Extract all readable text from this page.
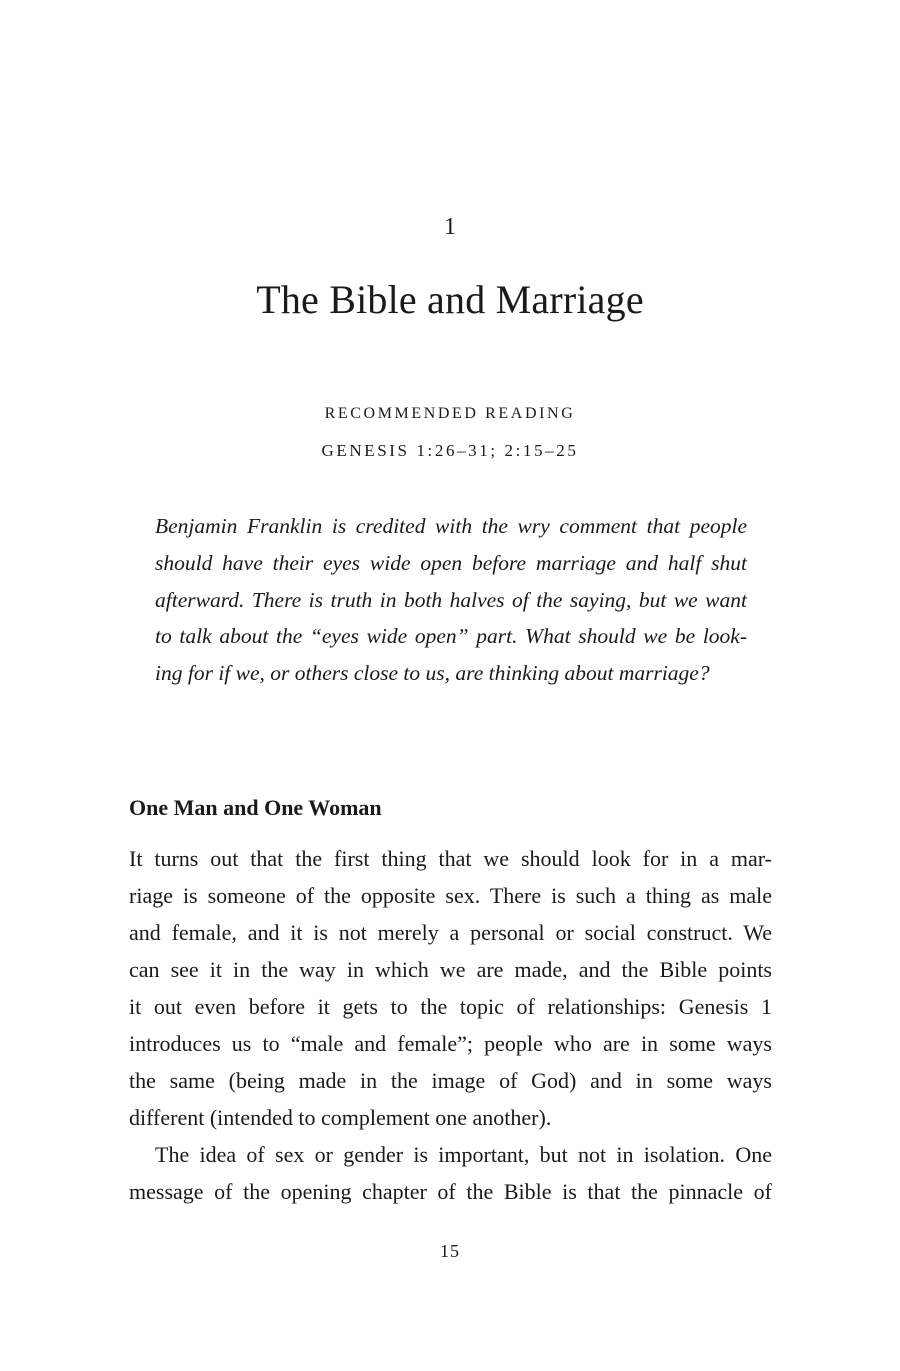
1
The Bible and Marriage
RECOMMENDED READING
GENESIS 1:26–31; 2:15–25

Benjamin Franklin is credited with the wry comment that people
should have their eyes wide open before marriage and half shut
afterward. There is truth in both halves of the saying, but we want
to talk about the “eyes wide open” part. What should we be look-
ing for if we, or others close to us, are thinking about marriage?

One Man and One Woman
It turns out that the first thing that we should look for in a mar-
riage is someone of the opposite sex. There is such a thing as male
and female, and it is not merely a personal or social construct. We
can see it in the way in which we are made, and the Bible points
it out even before it gets to the topic of relationships: Genesis 1
introduces us to “male and female”; people who are in some ways
the same (being made in the image of God) and in some ways
different (intended to complement one another).
The idea of sex or gender is important, but not in isolation. One
message of the opening chapter of the Bible is that the pinnacle of
15
